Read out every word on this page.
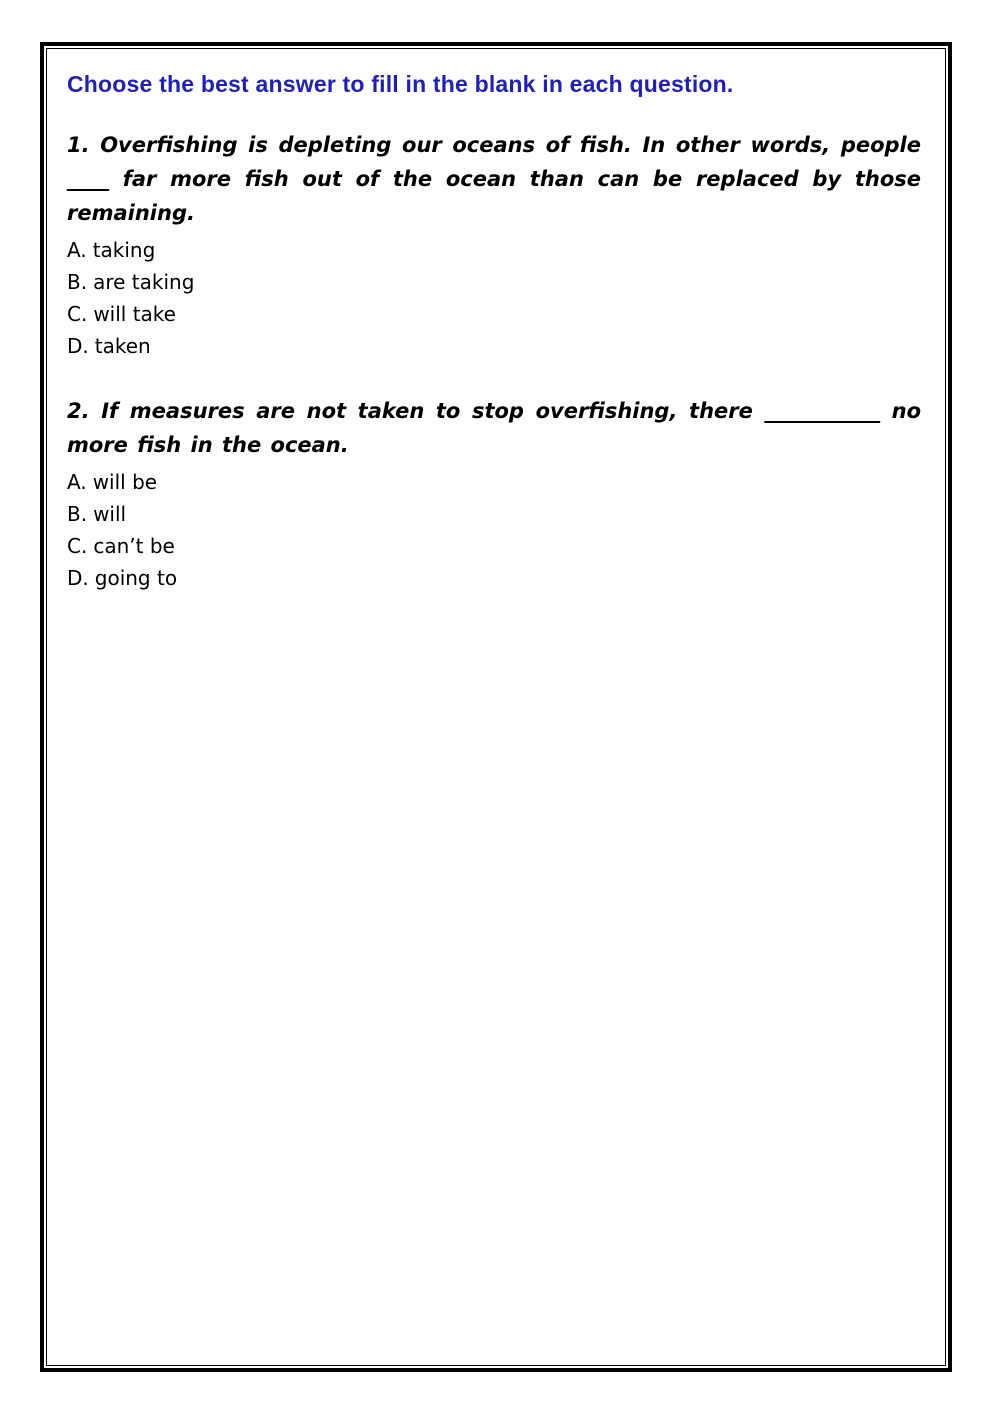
Choose the best answer to fill in the blank in each question.

1. Overfishing is depleting our oceans of fish. In other words, people ____ far more fish out of the ocean than can be replaced by those remaining.

A. taking
B. are taking
C. will take
D. taken

2. If measures are not taken to stop overfishing, there ___________ no more fish in the ocean.

A. will be
B. will
C. can’t be
D. going to
